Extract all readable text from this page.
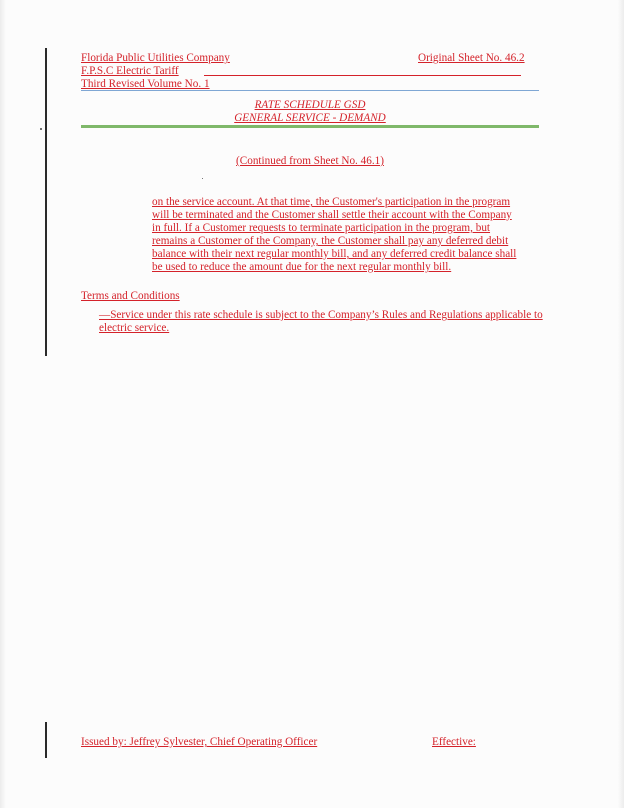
Florida Public Utilities Company	Original Sheet No. 46.2
F.P.S.C Electric Tariff
Third Revised Volume No. 1
RATE SCHEDULE GSD
GENERAL SERVICE - DEMAND
(Continued from Sheet No. 46.1)
on the service account. At that time, the Customer's participation in the program
will be terminated and the Customer shall settle their account with the Company
in full. If a Customer requests to terminate participation in the program, but
remains a Customer of the Company, the Customer shall pay any deferred debit
balance with their next regular monthly bill, and any deferred credit balance shall
be used to reduce the amount due for the next regular monthly bill.
Terms and Conditions
—Service under this rate schedule is subject to the Company’s Rules and Regulations applicable to
electric service.
Issued by: Jeffrey Sylvester, Chief Operating Officer	Effective:
